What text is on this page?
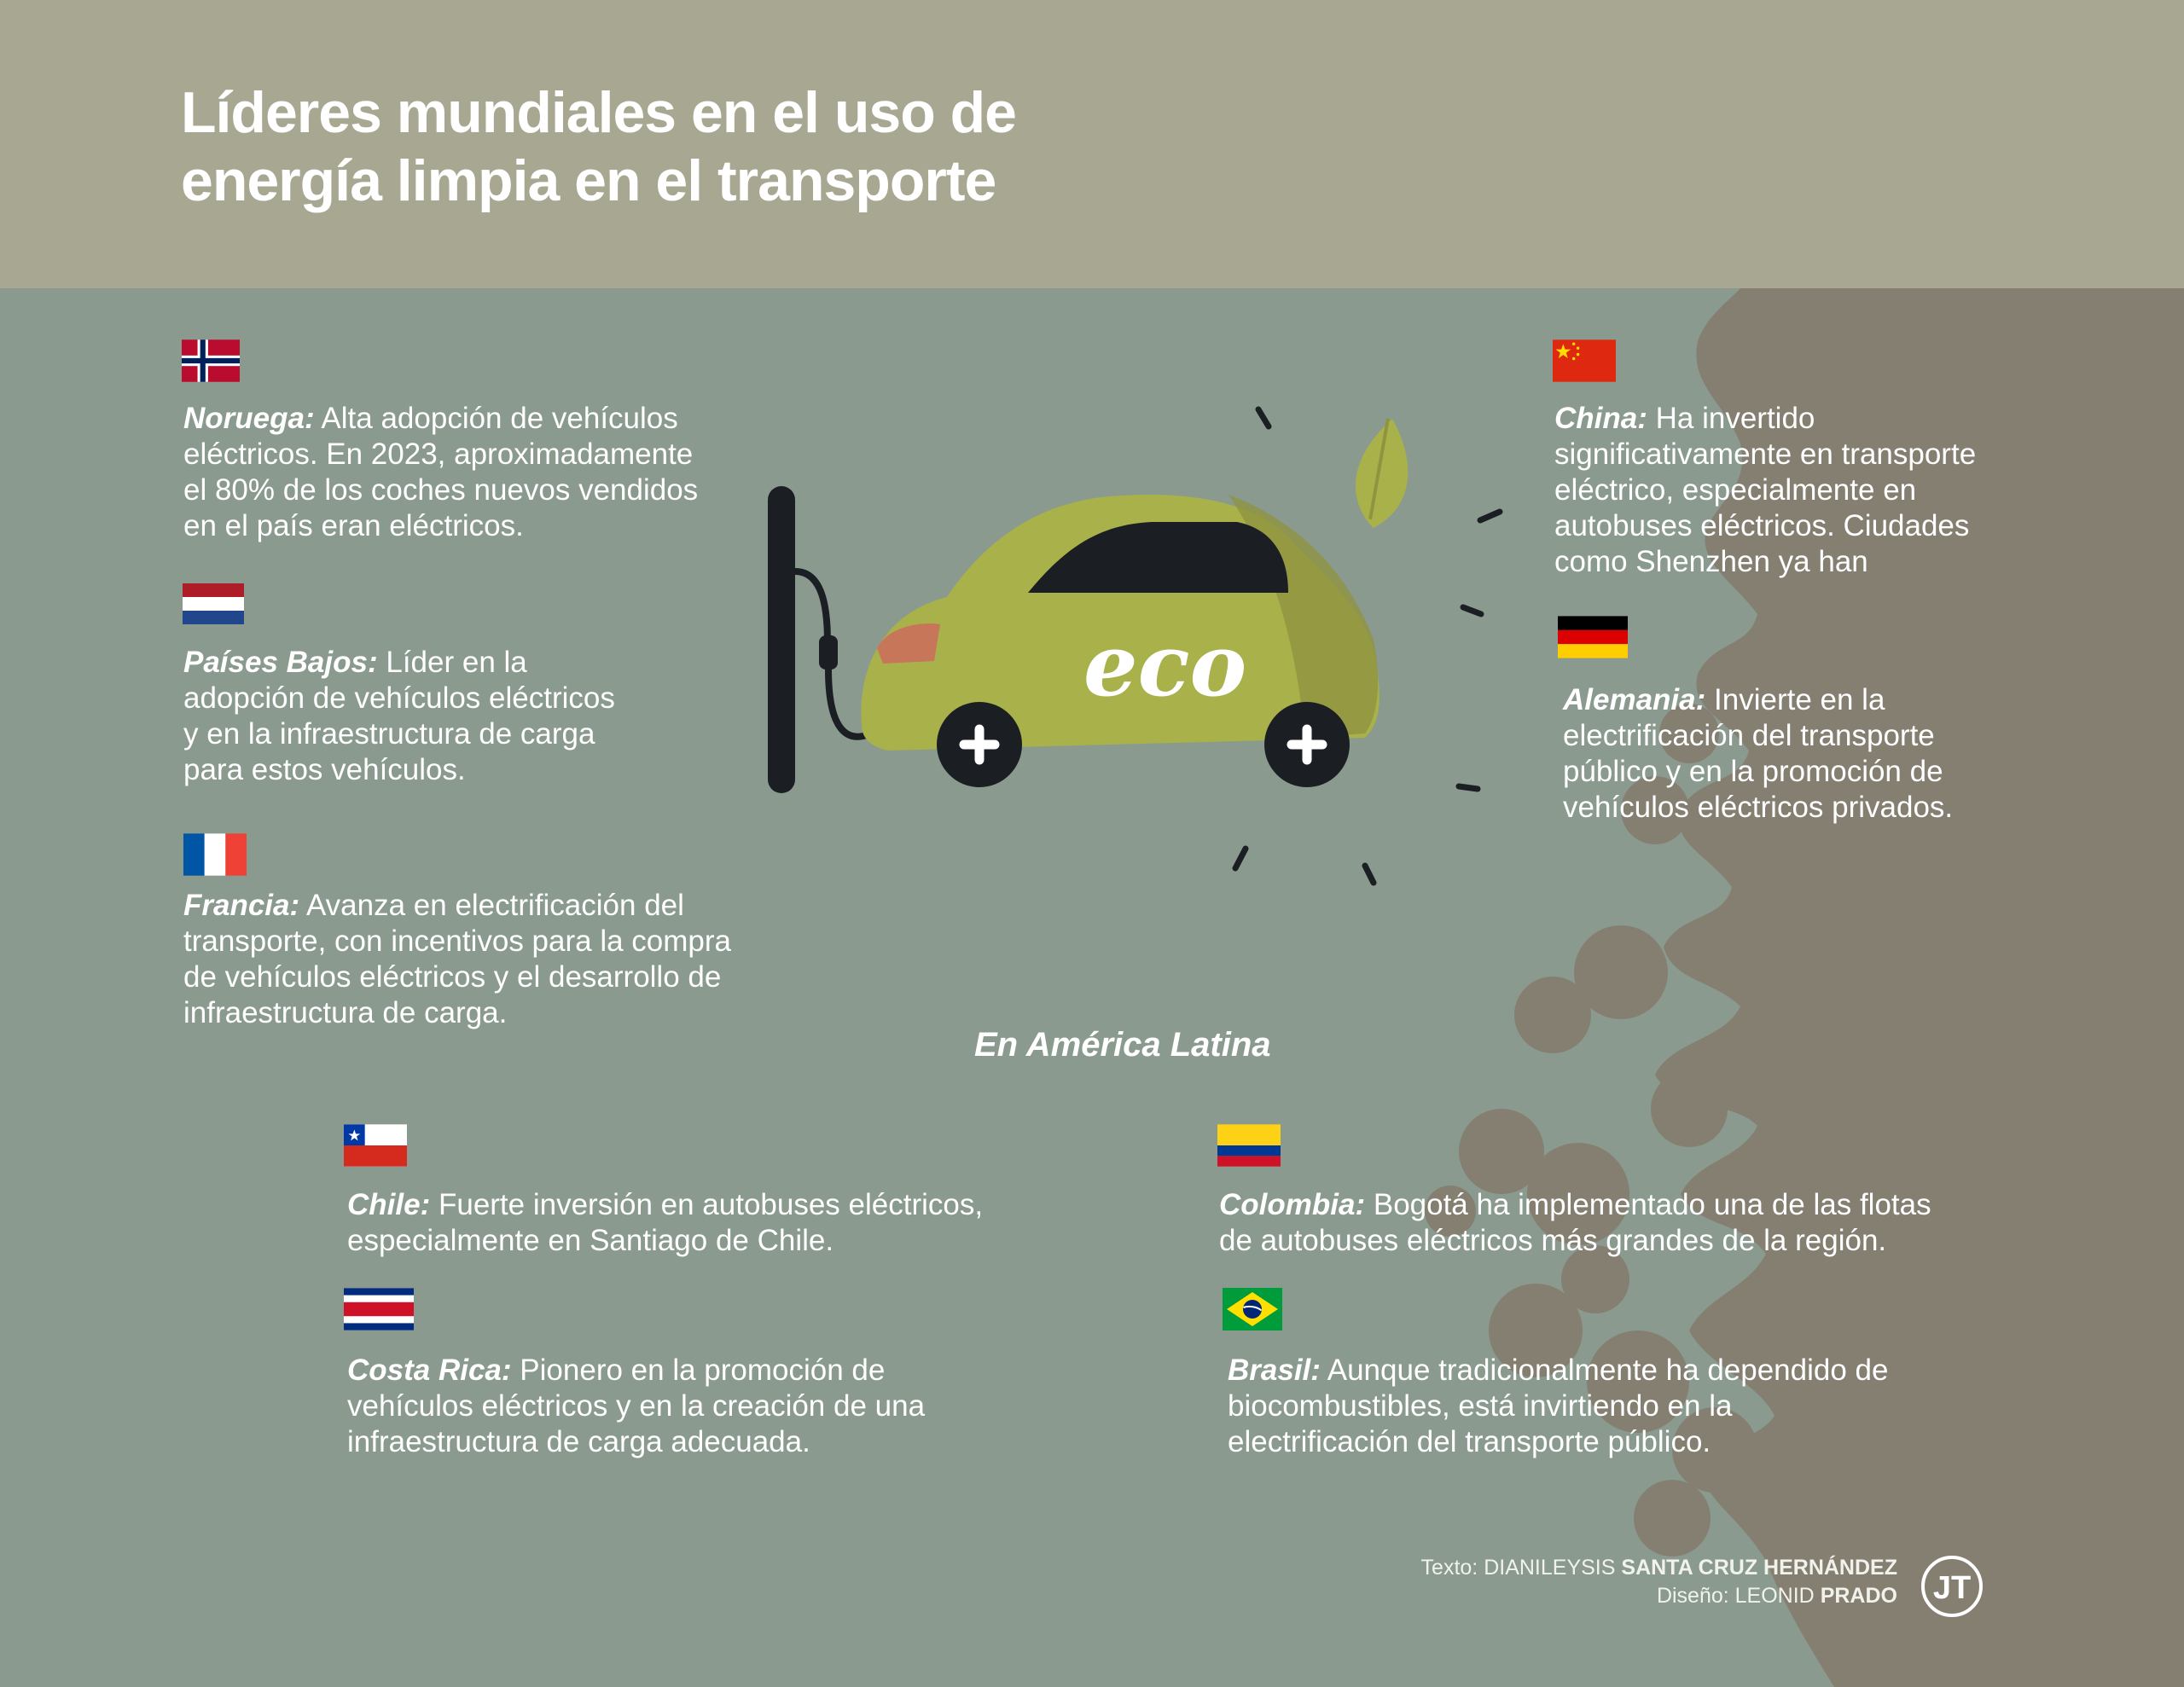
Líderes mundiales en el uso de
energía limpia en el transporte
Noruega: Alta adopción de vehículos
eléctricos. En 2023, aproximadamente
el 80% de los coches nuevos vendidos
en el país eran eléctricos.
Países Bajos: Líder en la
adopción de vehículos eléctricos
y en la infraestructura de carga
para estos vehículos.
Francia: Avanza en electrificación del
transporte, con incentivos para la compra
de vehículos eléctricos y el desarrollo de
infraestructura de carga.
China: Ha invertido
significativamente en transporte
eléctrico, especialmente en
autobuses eléctricos. Ciudades
como Shenzhen ya han
Alemania: Invierte en la
electrificación del transporte
público y en la promoción de
vehículos eléctricos privados.
eco
En América Latina
Chile: Fuerte inversión en autobuses eléctricos,
especialmente en Santiago de Chile.
Costa Rica: Pionero en la promoción de
vehículos eléctricos y en la creación de una
infraestructura de carga adecuada.
Colombia: Bogotá ha implementado una de las flotas
de autobuses eléctricos más grandes de la región.
Brasil: Aunque tradicionalmente ha dependido de
biocombustibles, está invirtiendo en la
electrificación del transporte público.
Texto: DIANILEYSIS SANTA CRUZ HERNÁNDEZ
Diseño: LEONID PRADO JT
